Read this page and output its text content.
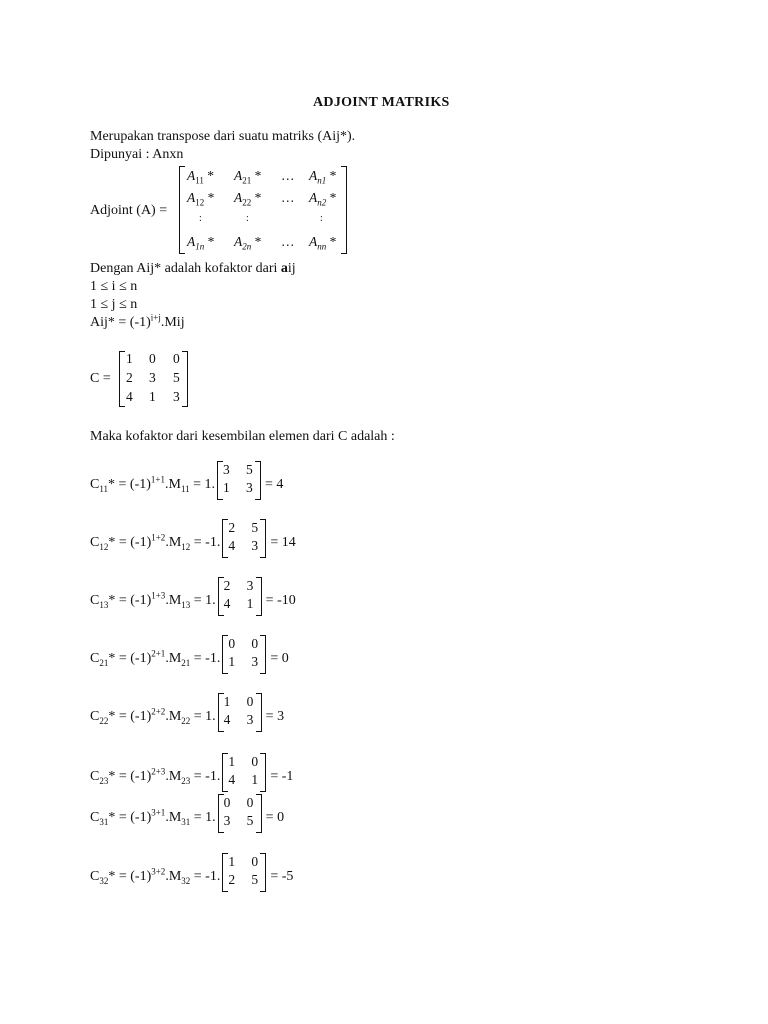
ADJOINT MATRIKS
Merupakan transpose dari suatu matriks (Aij*).
Dipunyai : Anxn
Adjoint (A) =
$A_{11} * A_{21}$ * … $A_{n1}$ *
$A_{12} * A_{22}$ * … $A_{n2}$ *
:	:	:
$A_{1n} * A_{2n}$ * … $A_{nn}$ *
Dengan Aij* adalah kofaktor dari aij
1 ≤ i ≤ n
1 ≤ j ≤ n
$Aij* = (-1)^{i+j}.Mij$
C =
1 0 0
2 3 5
4 1 3
Maka kofaktor dari kesembilan elemen dari C adalah :
$C_{11}* = (-1)^{1+1}.M_{11} = 1$.
3 5
1 3 = 4
$C_{12}* = (-1)^{1+2}.M_{12} = -1$.
2 5
4 3 = 14
$C_{13}* = (-1)^{1+3}.M_{13} = 1$.
2 3
4 1 = -10
$C_{21}* = (-1)^{2+1}.M_{21} = -1$.
0 0
1 3 = 0
$C_{22}* = (-1)^{2+2}.M_{22} = 1$.
1 0
4 3 = 3
$C_{23}* = (-1)^{2+3}.M_{23} = -1$.
1 0
4 1 = -1
$C_{31}* = (-1)^{3+1}.M_{31} = 1$.
0 0
3 5 = 0
$C_{32}* = (-1)^{3+2}.M_{32} = -1$.
1 0
2 5 = -5
